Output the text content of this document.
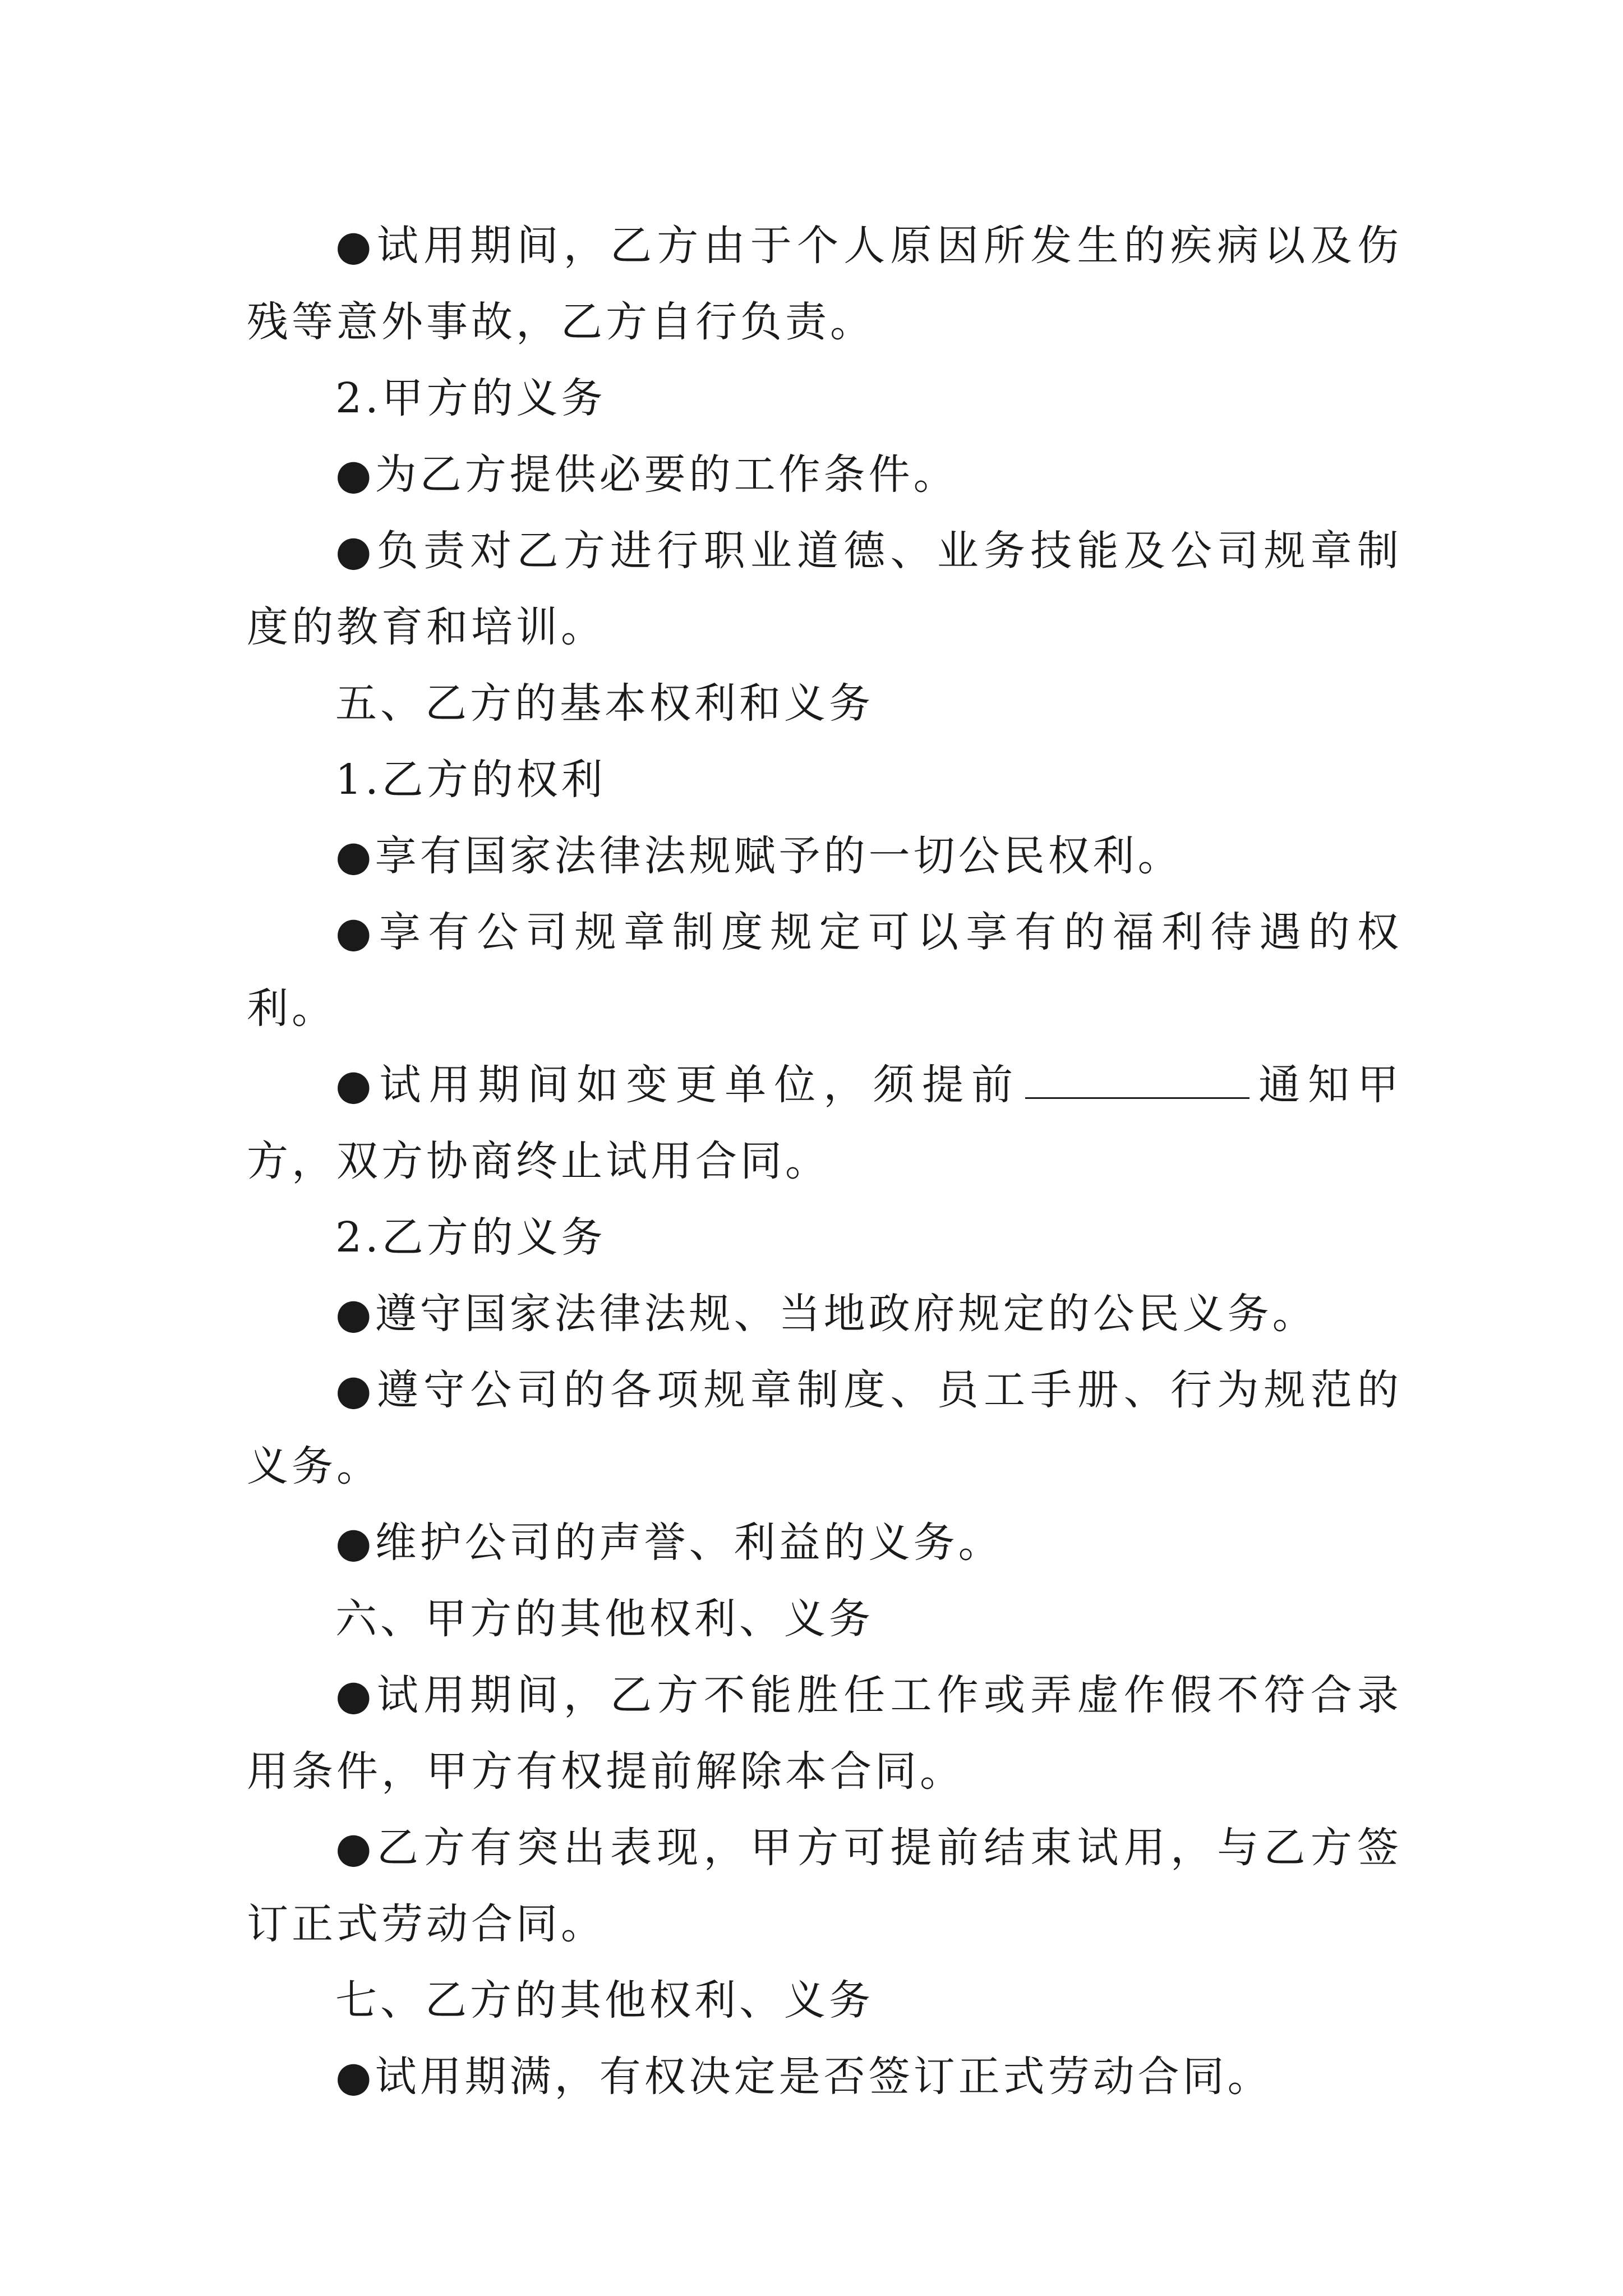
●试用期间，乙方由于个人原因所发生的疾病以及伤残等意外事故，乙方自行负责。

2.甲方的义务

●为乙方提供必要的工作条件。

●负责对乙方进行职业道德、业务技能及公司规章制度的教育和培训。

五、乙方的基本权利和义务

1.乙方的权利

●享有国家法律法规赋予的一切公民权利。

●享有公司规章制度规定可以享有的福利待遇的权利。

●试用期间如变更单位，须提前	通知甲方，双方协商终止试用合同。

2.乙方的义务

●遵守国家法律法规、当地政府规定的公民义务。

●遵守公司的各项规章制度、员工手册、行为规范的义务。

●维护公司的声誉、利益的义务。

六、甲方的其他权利、义务

●试用期间，乙方不能胜任工作或弄虚作假不符合录用条件，甲方有权提前解除本合同。

●乙方有突出表现，甲方可提前结束试用，与乙方签订正式劳动合同。

七、乙方的其他权利、义务

●试用期满，有权决定是否签订正式劳动合同。
